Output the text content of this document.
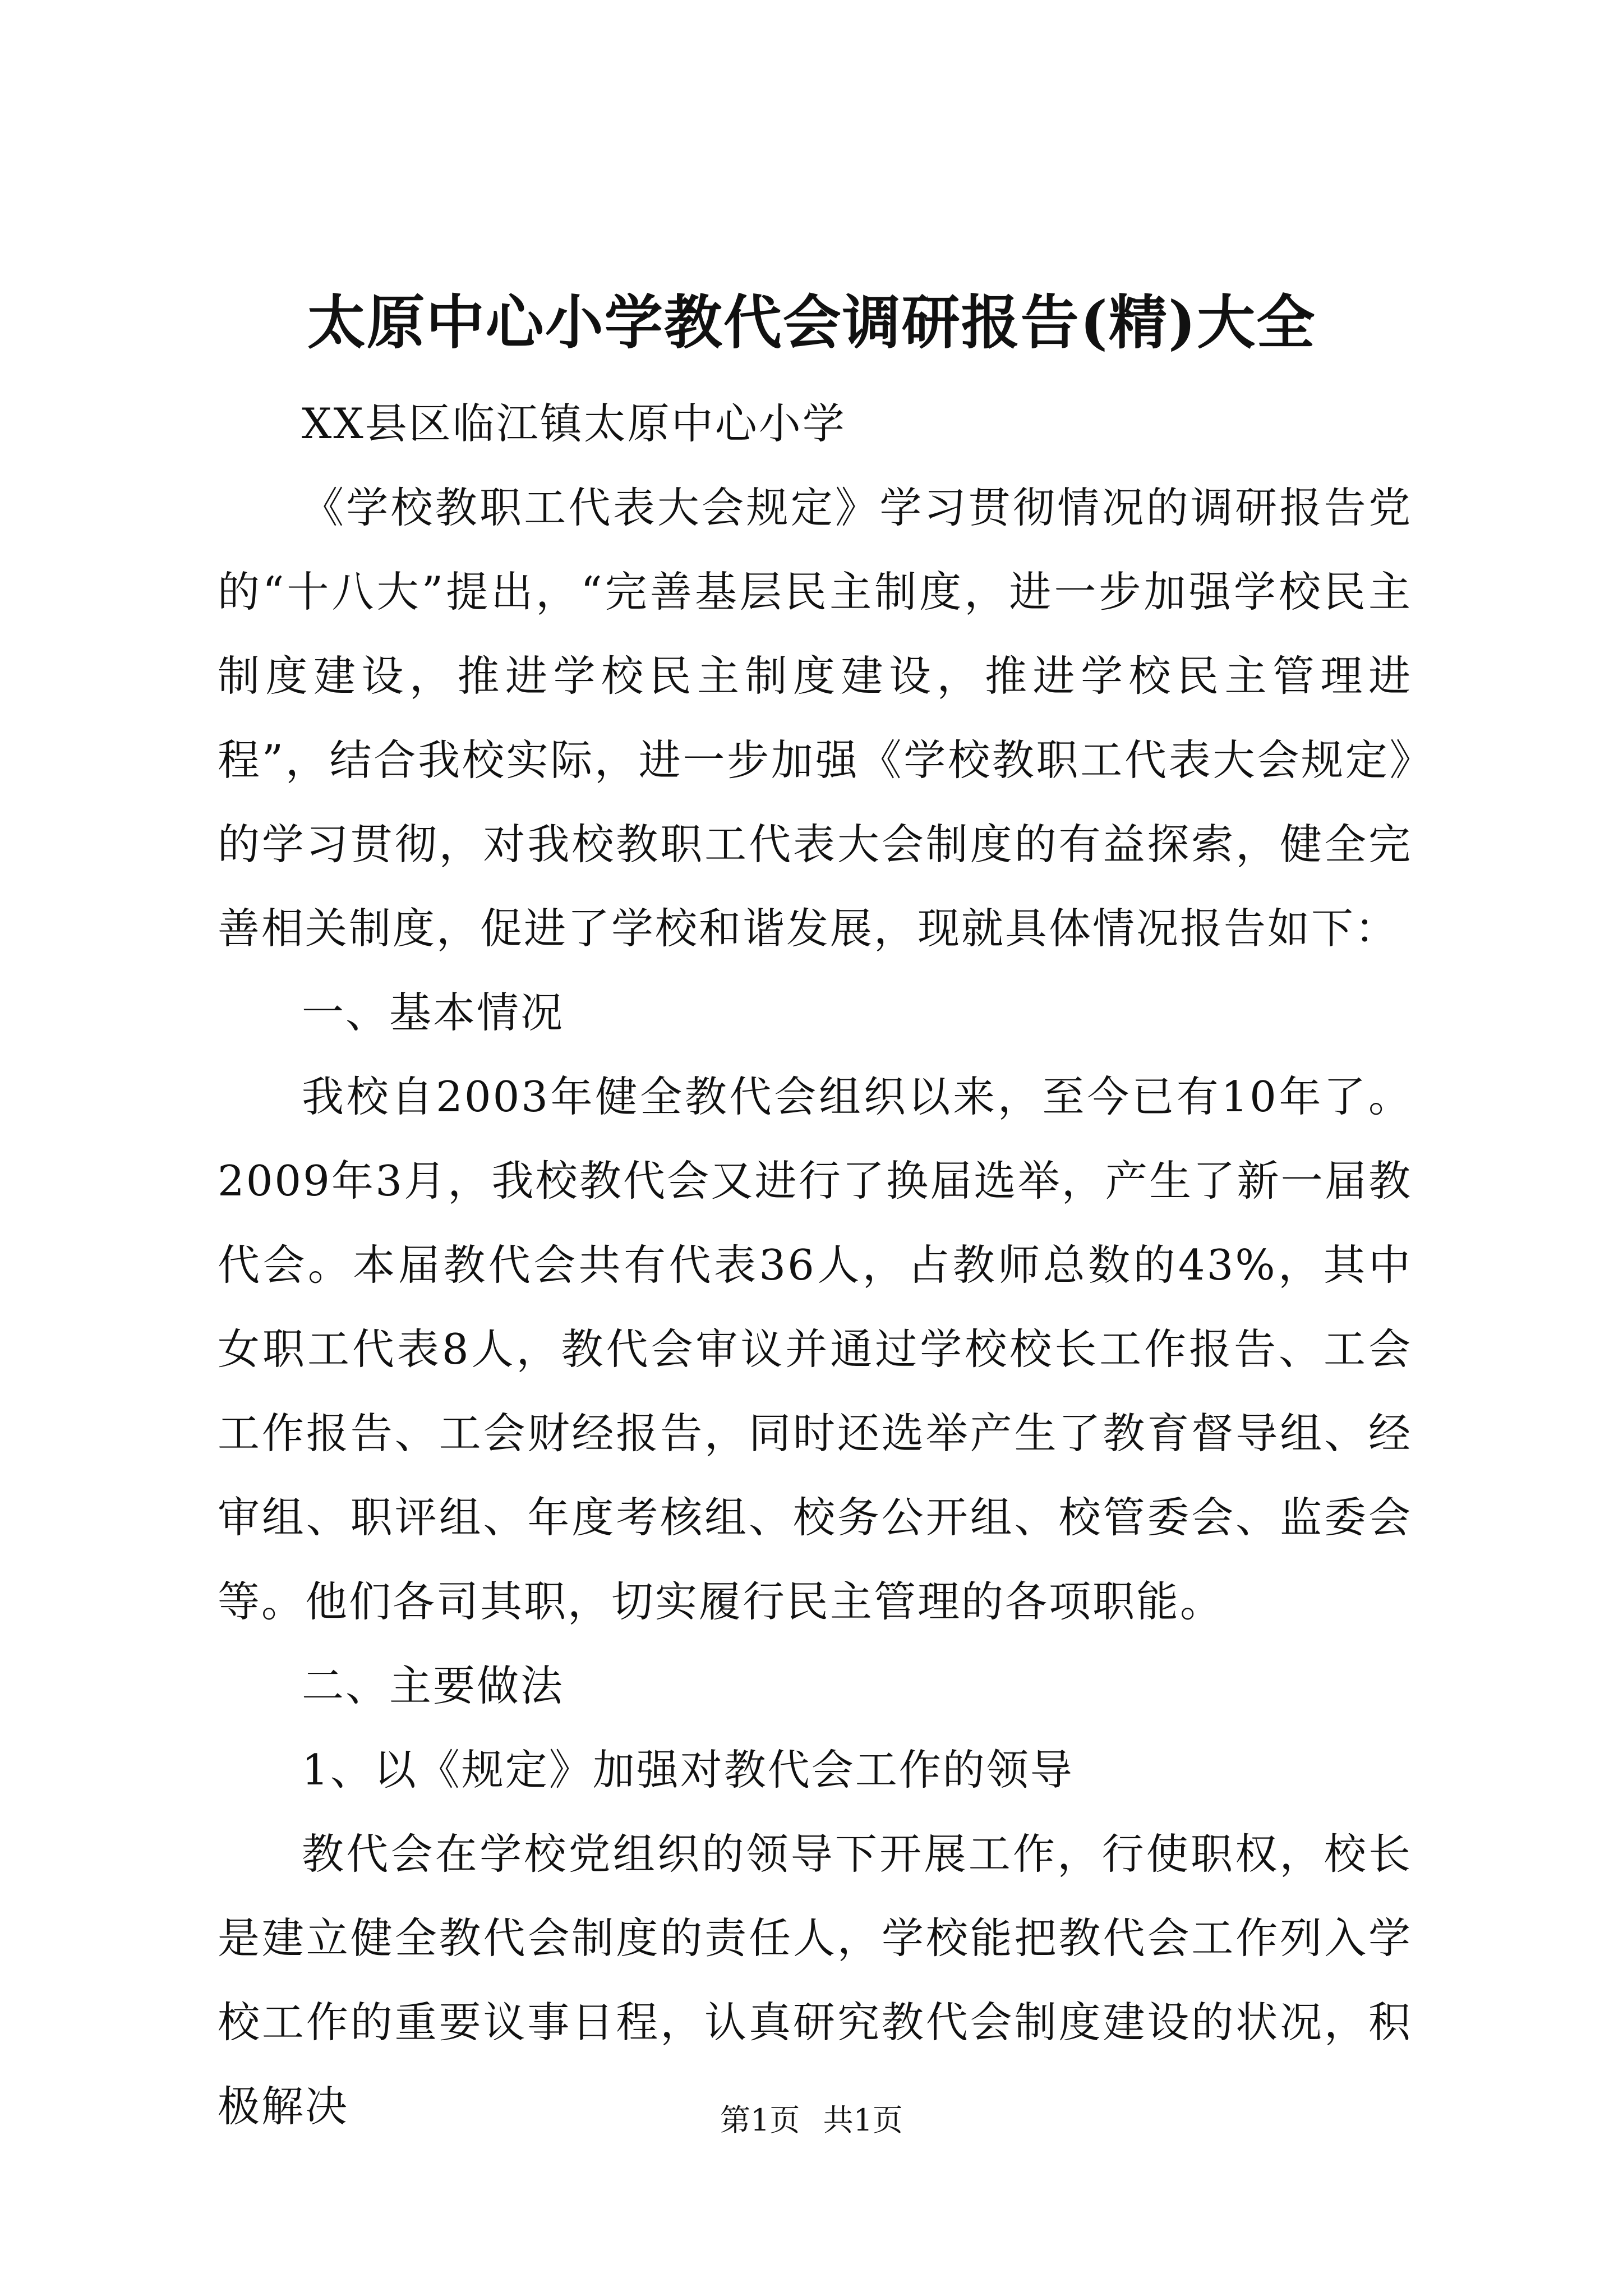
太原中心小学教代会调研报告(精)大全

XX县区临江镇太原中心小学

《学校教职工代表大会规定》学习贯彻情况的调研报告党的“十八大”提出，“完善基层民主制度，进一步加强学校民主制度建设，推进学校民主制度建设，推进学校民主管理进程”，结合我校实际，进一步加强《学校教职工代表大会规定》的学习贯彻，对我校教职工代表大会制度的有益探索，健全完善相关制度，促进了学校和谐发展，现就具体情况报告如下：

一、基本情况

我校自2003年健全教代会组织以来，至今已有10年了。2009年3月，我校教代会又进行了换届选举，产生了新一届教代会。本届教代会共有代表36人，占教师总数的43%，其中女职工代表8人，教代会审议并通过学校校长工作报告、工会工作报告、工会财经报告，同时还选举产生了教育督导组、经审组、职评组、年度考核组、校务公开组、校管委会、监委会等。他们各司其职，切实履行民主管理的各项职能。

二、主要做法

1、以《规定》加强对教代会工作的领导

教代会在学校党组织的领导下开展工作，行使职权，校长是建立健全教代会制度的责任人，学校能把教代会工作列入学校工作的重要议事日程，认真研究教代会制度建设的状况，积极解决	第1页 共1页
